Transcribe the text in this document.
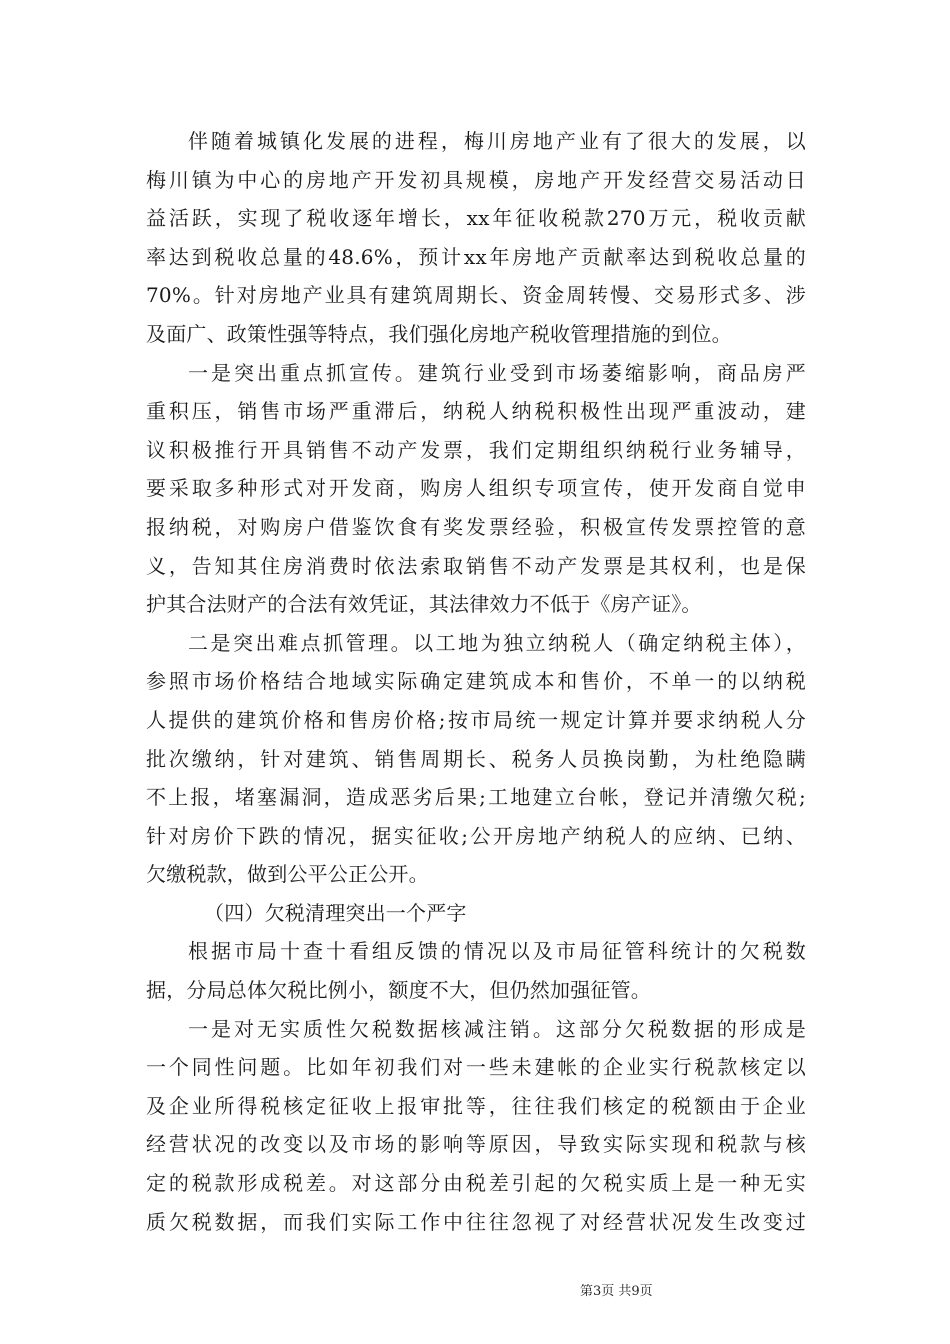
伴随着城镇化发展的进程，梅川房地产业有了很大的发展，以
梅川镇为中心的房地产开发初具规模，房地产开发经营交易活动日
益活跃，实现了税收逐年增长，xx年征收税款270万元，税收贡献
率达到税收总量的48.6%，预计xx年房地产贡献率达到税收总量的
70%。针对房地产业具有建筑周期长、资金周转慢、交易形式多、涉
及面广、政策性强等特点，我们强化房地产税收管理措施的到位。
一是突出重点抓宣传。建筑行业受到市场萎缩影响，商品房严
重积压，销售市场严重滞后，纳税人纳税积极性出现严重波动，建
议积极推行开具销售不动产发票，我们定期组织纳税行业务辅导，
要采取多种形式对开发商，购房人组织专项宣传，使开发商自觉申
报纳税，对购房户借鉴饮食有奖发票经验，积极宣传发票控管的意
义，告知其住房消费时依法索取销售不动产发票是其权利，也是保
护其合法财产的合法有效凭证，其法律效力不低于《房产证》。
二是突出难点抓管理。以工地为独立纳税人（确定纳税主体），
参照市场价格结合地域实际确定建筑成本和售价，不单一的以纳税
人提供的建筑价格和售房价格;按市局统一规定计算并要求纳税人分
批次缴纳，针对建筑、销售周期长、税务人员换岗勤，为杜绝隐瞒
不上报，堵塞漏洞，造成恶劣后果;工地建立台帐，登记并清缴欠税;
针对房价下跌的情况，据实征收;公开房地产纳税人的应纳、已纳、
欠缴税款，做到公平公正公开。
（四）欠税清理突出一个严字
根据市局十查十看组反馈的情况以及市局征管科统计的欠税数
据，分局总体欠税比例小，额度不大，但仍然加强征管。
一是对无实质性欠税数据核减注销。这部分欠税数据的形成是
一个同性问题。比如年初我们对一些未建帐的企业实行税款核定以
及企业所得税核定征收上报审批等，往往我们核定的税额由于企业
经营状况的改变以及市场的影响等原因，导致实际实现和税款与核
定的税款形成税差。对这部分由税差引起的欠税实质上是一种无实
质欠税数据，而我们实际工作中往往忽视了对经营状况发生改变过
第3页 共9页
